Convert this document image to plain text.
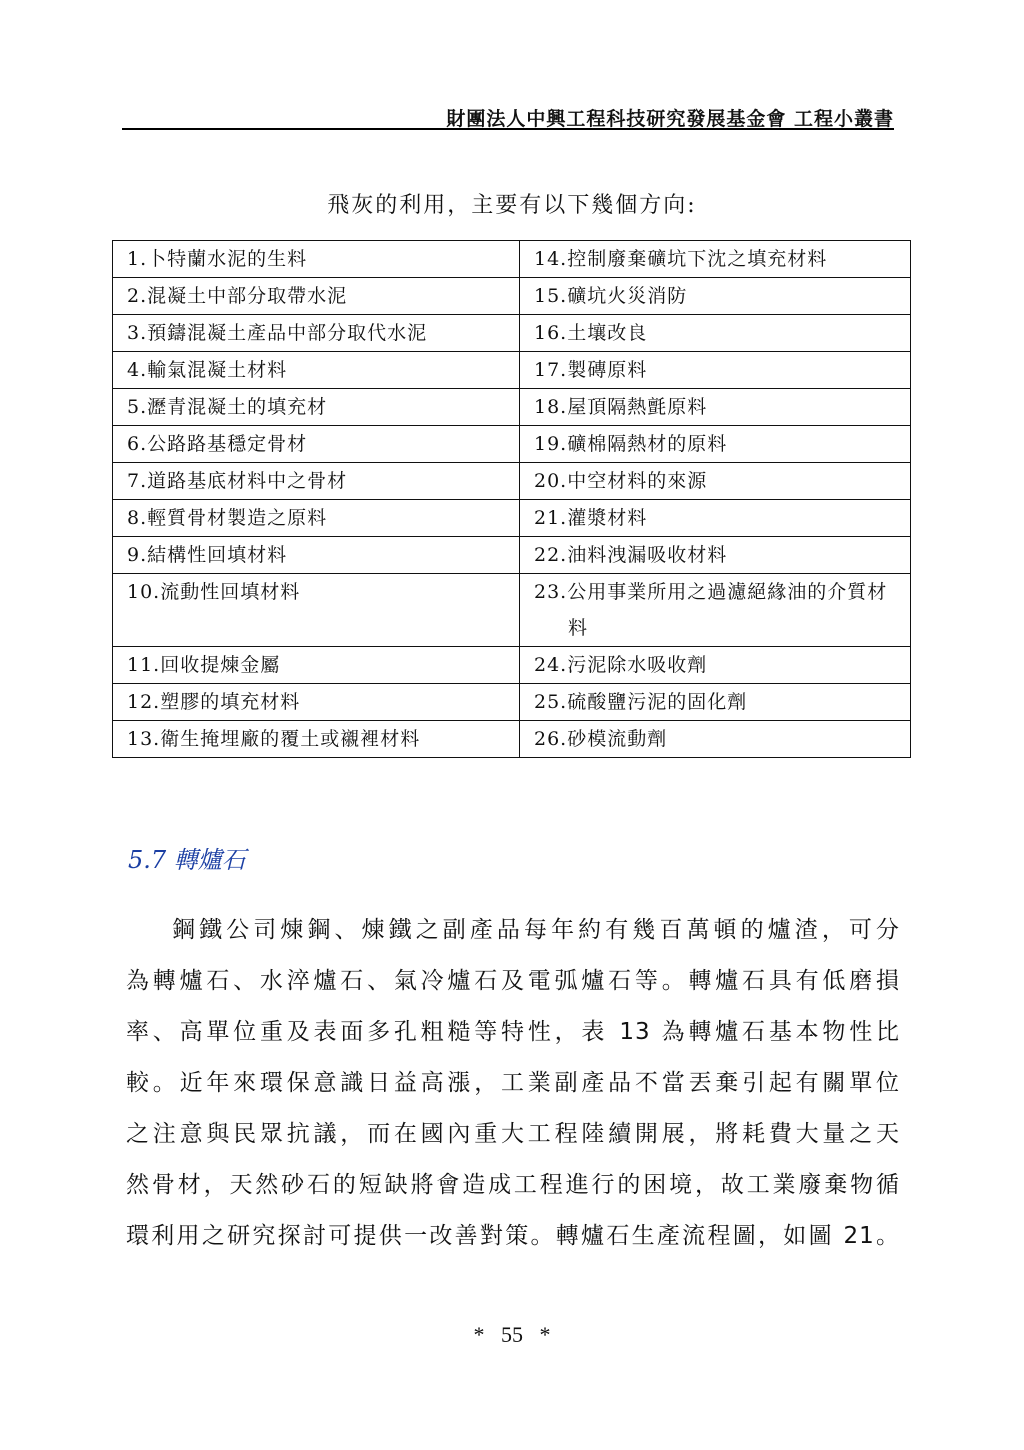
財團法人中興工程科技研究發展基金會 工程小叢書
飛灰的利用，主要有以下幾個方向:
1.卜特蘭水泥的生料	14.控制廢棄礦坑下沈之填充材料
2.混凝土中部分取帶水泥	15.礦坑火災消防
3.預鑄混凝土產品中部分取代水泥	16.土壤改良
4.輸氣混凝土材料	17.製磚原料
5.瀝青混凝土的填充材	18.屋頂隔熱氈原料
6.公路路基穩定骨材	19.礦棉隔熱材的原料
7.道路基底材料中之骨材	20.中空材料的來源
8.輕質骨材製造之原料	21.灌漿材料
9.結構性回填材料	22.油料洩漏吸收材料
10.流動性回填材料	23.公用事業所用之過濾絕緣油的介質材料

11.回收提煉金屬	24.污泥除水吸收劑
12.塑膠的填充材料	25.硫酸鹽污泥的固化劑
13.衛生掩埋廠的覆土或襯裡材料	26.砂模流動劑
5.7 轉爐石
鋼鐵公司煉鋼、煉鐵之副產品每年約有幾百萬頓的爐渣，可分
為轉爐石、水淬爐石、氣冷爐石及電弧爐石等。轉爐石具有低磨損
率、高單位重及表面多孔粗糙等特性，表 13 為轉爐石基本物性比
較。近年來環保意識日益高漲，工業副產品不當丟棄引起有關單位
之注意與民眾抗議，而在國內重大工程陸續開展，將耗費大量之天
然骨材，天然砂石的短缺將會造成工程進行的困境，故工業廢棄物循
環利用之研究探討可提供一改善對策。轉爐石生產流程圖，如圖 21。
*   55   *
